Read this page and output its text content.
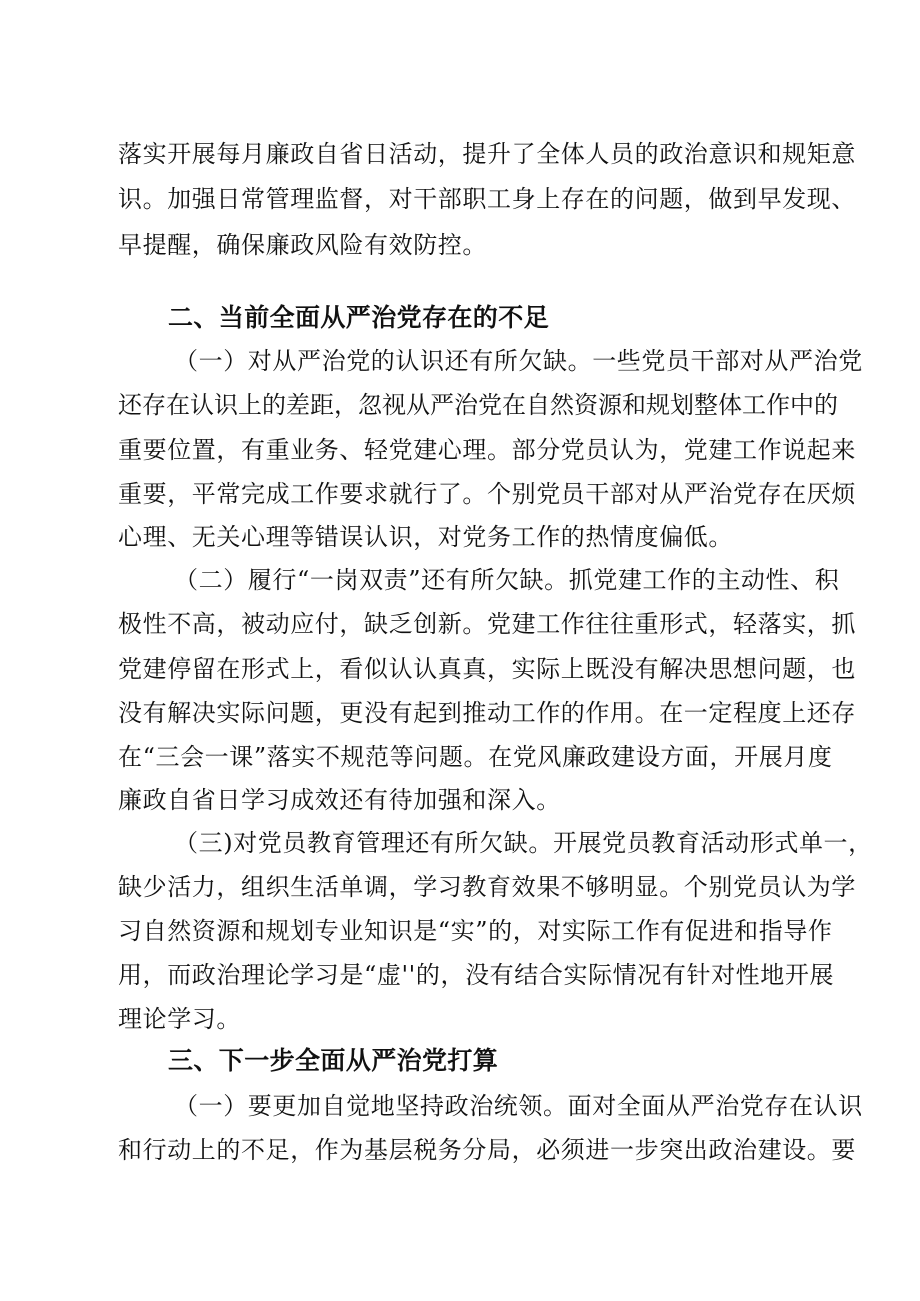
落实开展每月廉政自省日活动，提升了全体人员的政治意识和规矩意

识。加强日常管理监督，对干部职工身上存在的问题，做到早发现、

早提醒，确保廉政风险有效防控。

二、当前全面从严治党存在的不足

（一）对从严治党的认识还有所欠缺。一些党员干部对从严治党

还存在认识上的差距，忽视从严治党在自然资源和规划整体工作中的

重要位置，有重业务、轻党建心理。部分党员认为，党建工作说起来

重要，平常完成工作要求就行了。个别党员干部对从严治党存在厌烦

心理、无关心理等错误认识，对党务工作的热情度偏低。

（二）履行“一岗双责”还有所欠缺。抓党建工作的主动性、积

极性不高，被动应付，缺乏创新。党建工作往往重形式，轻落实，抓

党建停留在形式上，看似认认真真，实际上既没有解决思想问题，也

没有解决实际问题，更没有起到推动工作的作用。在一定程度上还存

在“三会一课”落实不规范等问题。在党风廉政建设方面，开展月度

廉政自省日学习成效还有待加强和深入。

（三)对党员教育管理还有所欠缺。开展党员教育活动形式单一，

缺少活力，组织生活单调，学习教育效果不够明显。个别党员认为学

习自然资源和规划专业知识是“实”的，对实际工作有促进和指导作

用，而政治理论学习是“虚''的，没有结合实际情况有针对性地开展

理论学习。

三、下一步全面从严治党打算

（一）要更加自觉地坚持政治统领。面对全面从严治党存在认识

和行动上的不足，作为基层税务分局，必须进一步突出政治建设。要
